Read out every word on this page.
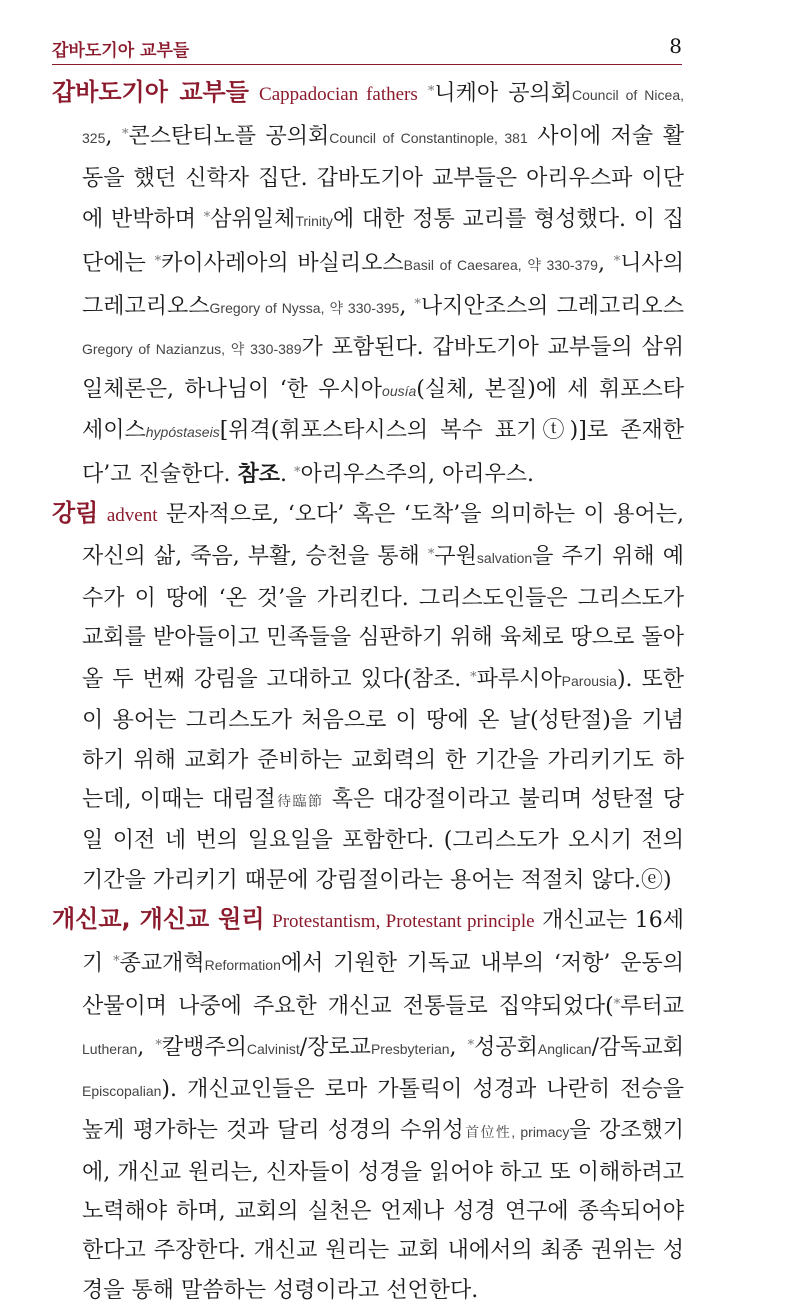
갑바도기아 교부들	8

갑바도기아 교부들 Cappadocian fathers *니케아 공의회Council of Nicea, 325, *콘스탄티노플 공의회Council of Constantinople, 381 사이에 저술 활동을 했던 신학자 집단. 갑바도기아 교부들은 아리우스파 이단에 반박하며 *삼위일체Trinity에 대한 정통 교리를 형성했다. 이 집단에는 *카이사레아의 바실리오스Basil of Caesarea, 약 330-379, *니사의 그레고리오스Gregory of Nyssa, 약 330-395, *나지안조스의 그레고리오스Gregory of Nazianzus, 약 330-389가 포함된다. 갑바도기아 교부들의 삼위일체론은, 하나님이 ‘한 우시아ousía(실체, 본질)에 세 휘포스타세이스hypóstaseis[위격(휘포스타시스의 복수 표기ⓣ)]로 존재한다’고 진술한다. 참조. *아리우스주의, 아리우스.

강림 advent 문자적으로, ‘오다’ 혹은 ‘도착’을 의미하는 이 용어는, 자신의 삶, 죽음, 부활, 승천을 통해 *구원salvation을 주기 위해 예수가 이 땅에 ‘온 것’을 가리킨다. 그리스도인들은 그리스도가 교회를 받아들이고 민족들을 심판하기 위해 육체로 땅으로 돌아올 두 번째 강림을 고대하고 있다(참조. *파루시아Parousia). 또한 이 용어는 그리스도가 처음으로 이 땅에 온 날(성탄절)을 기념하기 위해 교회가 준비하는 교회력의 한 기간을 가리키기도 하는데, 이때는 대림절待臨節 혹은 대강절이라고 불리며 성탄절 당일 이전 네 번의 일요일을 포함한다. (그리스도가 오시기 전의 기간을 가리키기 때문에 강림절이라는 용어는 적절치 않다.ⓔ)

개신교, 개신교 원리 Protestantism, Protestant principle 개신교는 16세기 *종교개혁Reformation에서 기원한 기독교 내부의 ‘저항’ 운동의 산물이며 나중에 주요한 개신교 전통들로 집약되었다(*루터교Lutheran, *칼뱅주의Calvinist/장로교Presbyterian, *성공회Anglican/감독교회Episcopalian). 개신교인들은 로마 가톨릭이 성경과 나란히 전승을 높게 평가하는 것과 달리 성경의 수위성首位性, primacy을 강조했기에, 개신교 원리는, 신자들이 성경을 읽어야 하고 또 이해하려고 노력해야 하며, 교회의 실천은 언제나 성경 연구에 종속되어야 한다고 주장한다. 개신교 원리는 교회 내에서의 최종 권위는 성경을 통해 말씀하는 성령이라고 선언한다.
